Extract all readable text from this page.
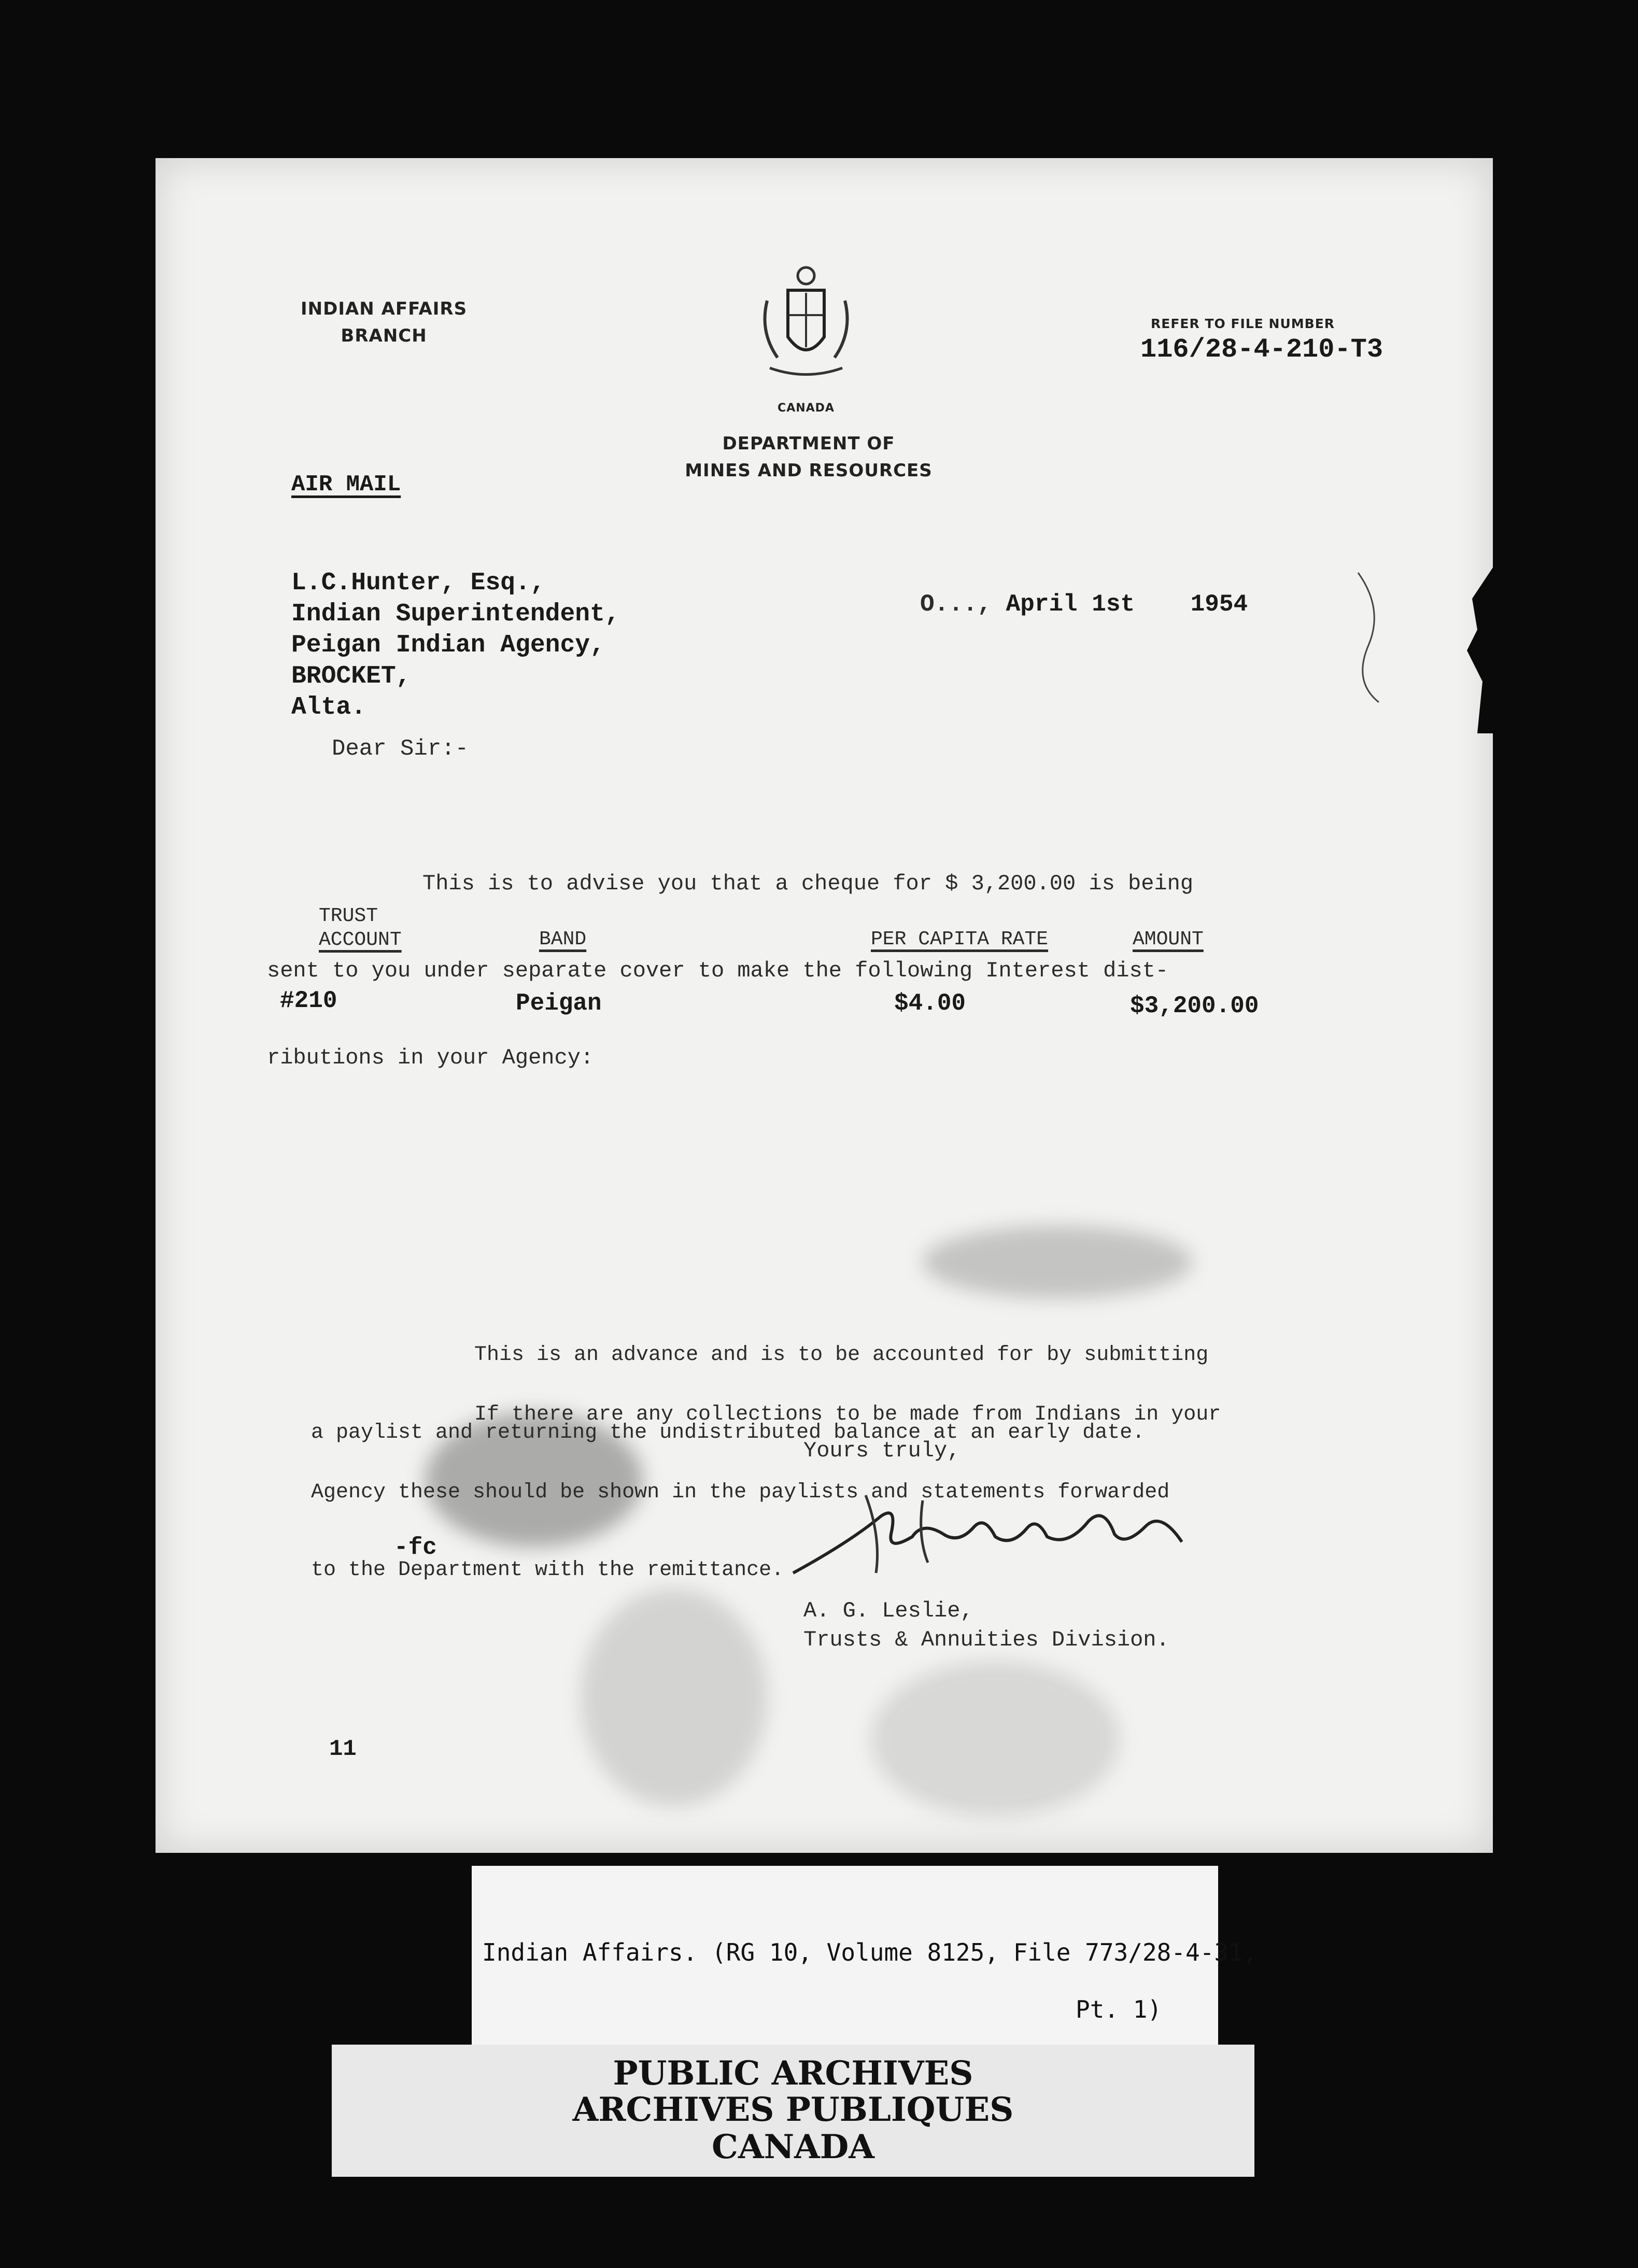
INDIAN AFFAIRS
BRANCH
CANADA
DEPARTMENT OF
MINES AND RESOURCES
REFER TO FILE NUMBER
116/28-4-210-T3
AIR MAIL
L.C.Hunter, Esq.,
Indian Superintendent,
Peigan Indian Agency,
BROCKET,
Alta.
O..., April 1st 1954
Dear Sir:-

This is to advise you that a cheque for $ 3,200.00 is being

sent to you under separate cover to make the following Interest dist-

ributions in your Agency:

TRUST
ACCOUNT	BAND	PER CAPITA RATE	AMOUNT
#210	Peigan	$4.00	$3,200.00

This is an advance and is to be accounted for by submitting

a paylist and returning the undistributed balance at an early date.

If there are any collections to be made from Indians in your

Agency these should be shown in the paylists and statements forwarded

to the Department with the remittance.

Yours truly,
-fc
A. G. Leslie,
Trusts & Annuities Division.
11
Indian Affairs. (RG 10, Volume 8125, File 773/28-4-31,
Pt. 1)
PUBLIC ARCHIVES
ARCHIVES PUBLIQUES
CANADA
